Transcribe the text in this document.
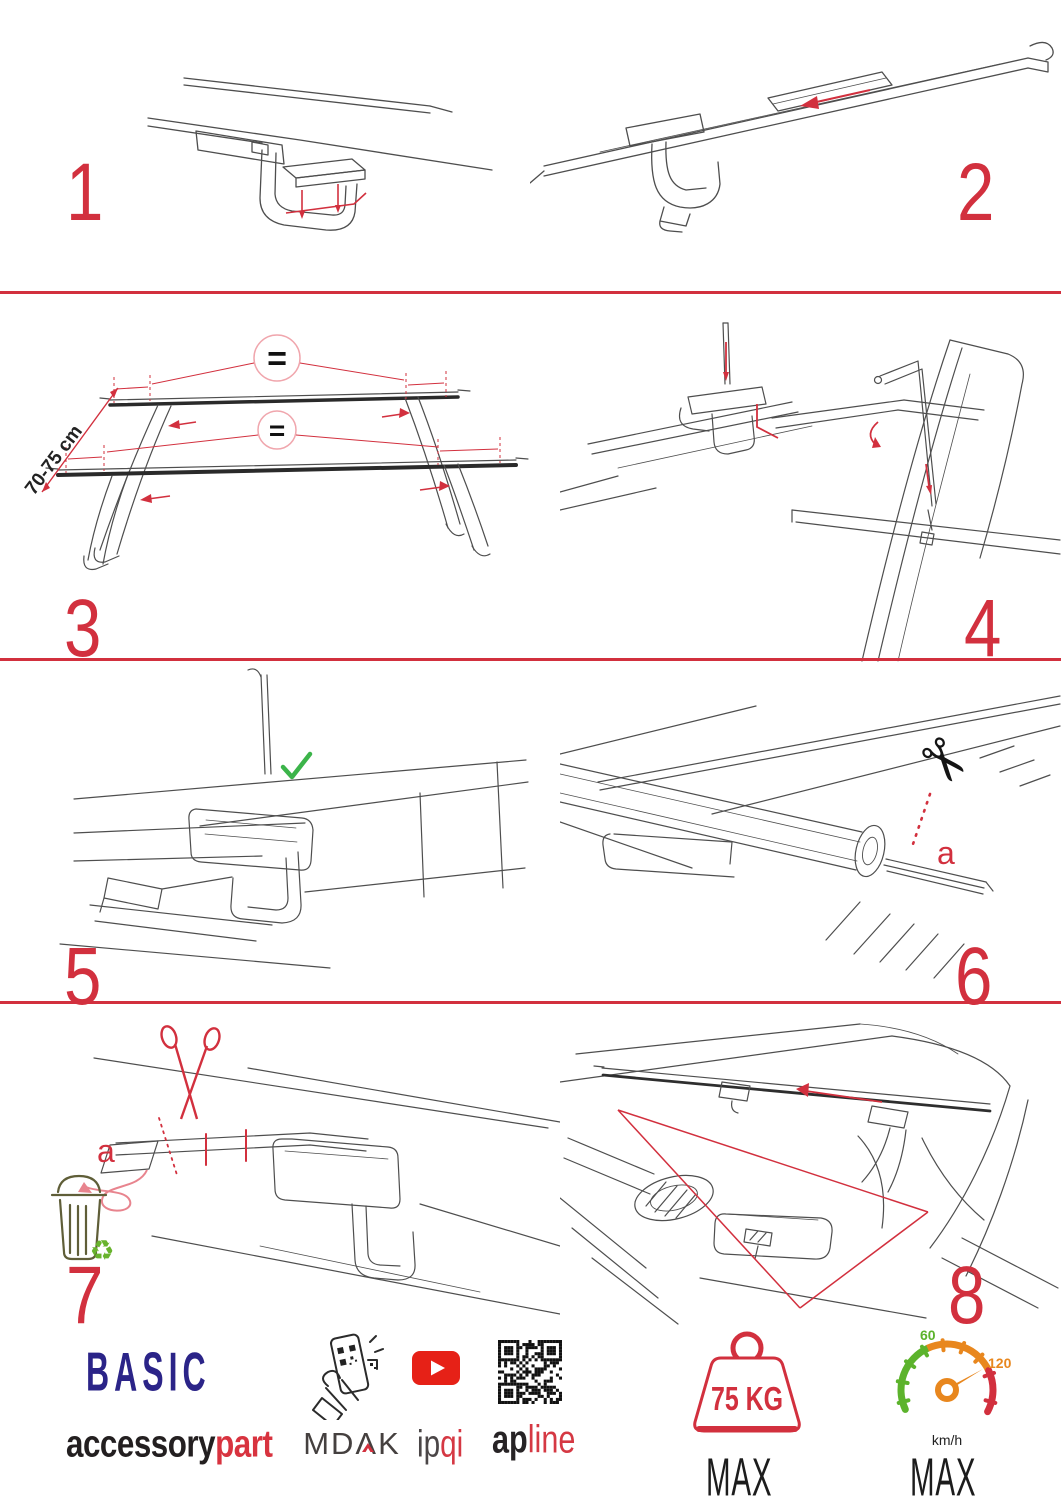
=
=
70-75 cm
✂
a
a
♻
1	2
3	4
5	6
7	8
BASIC
accessorypart MDΛK ipqi apline
75 KG
MAX
60
120
km/h
MAX
